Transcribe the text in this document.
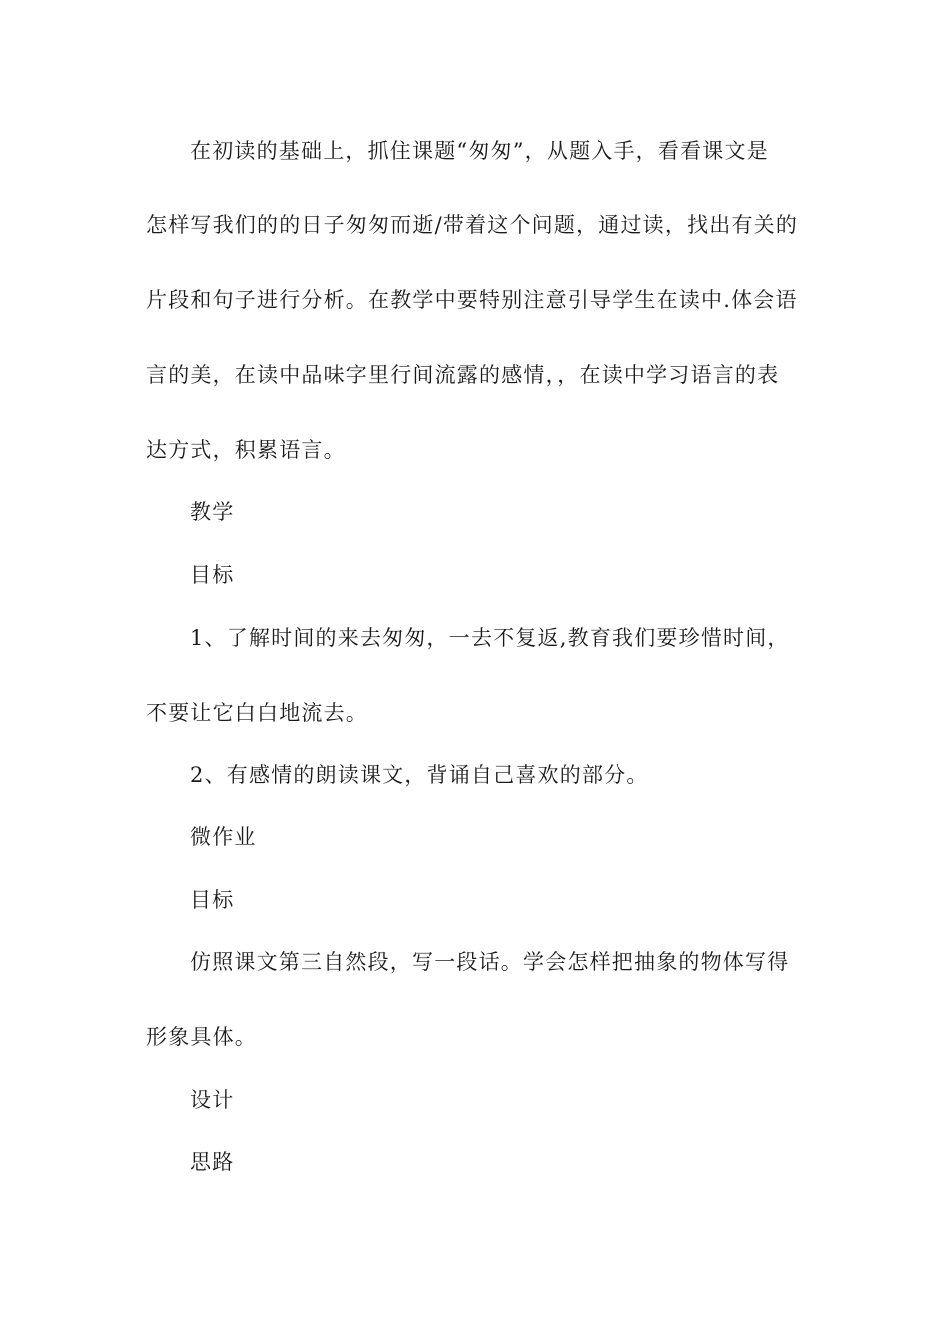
在初读的基础上，抓住课题“匆匆”，从题入手，看看课文是
怎样写我们的的日子匆匆而逝/带着这个问题，通过读，找出有关的
片段和句子进行分析。在教学中要特别注意引导学生在读中.体会语
言的美，在读中品味字里行间流露的感情，，在读中学习语言的表
达方式，积累语言。
教学
目标
1、了解时间的来去匆匆，一去不复返,教育我们要珍惜时间，
不要让它白白地流去。
2、有感情的朗读课文，背诵自己喜欢的部分。
微作业
目标
仿照课文第三自然段，写一段话。学会怎样把抽象的物体写得
形象具体。
设计
思路
